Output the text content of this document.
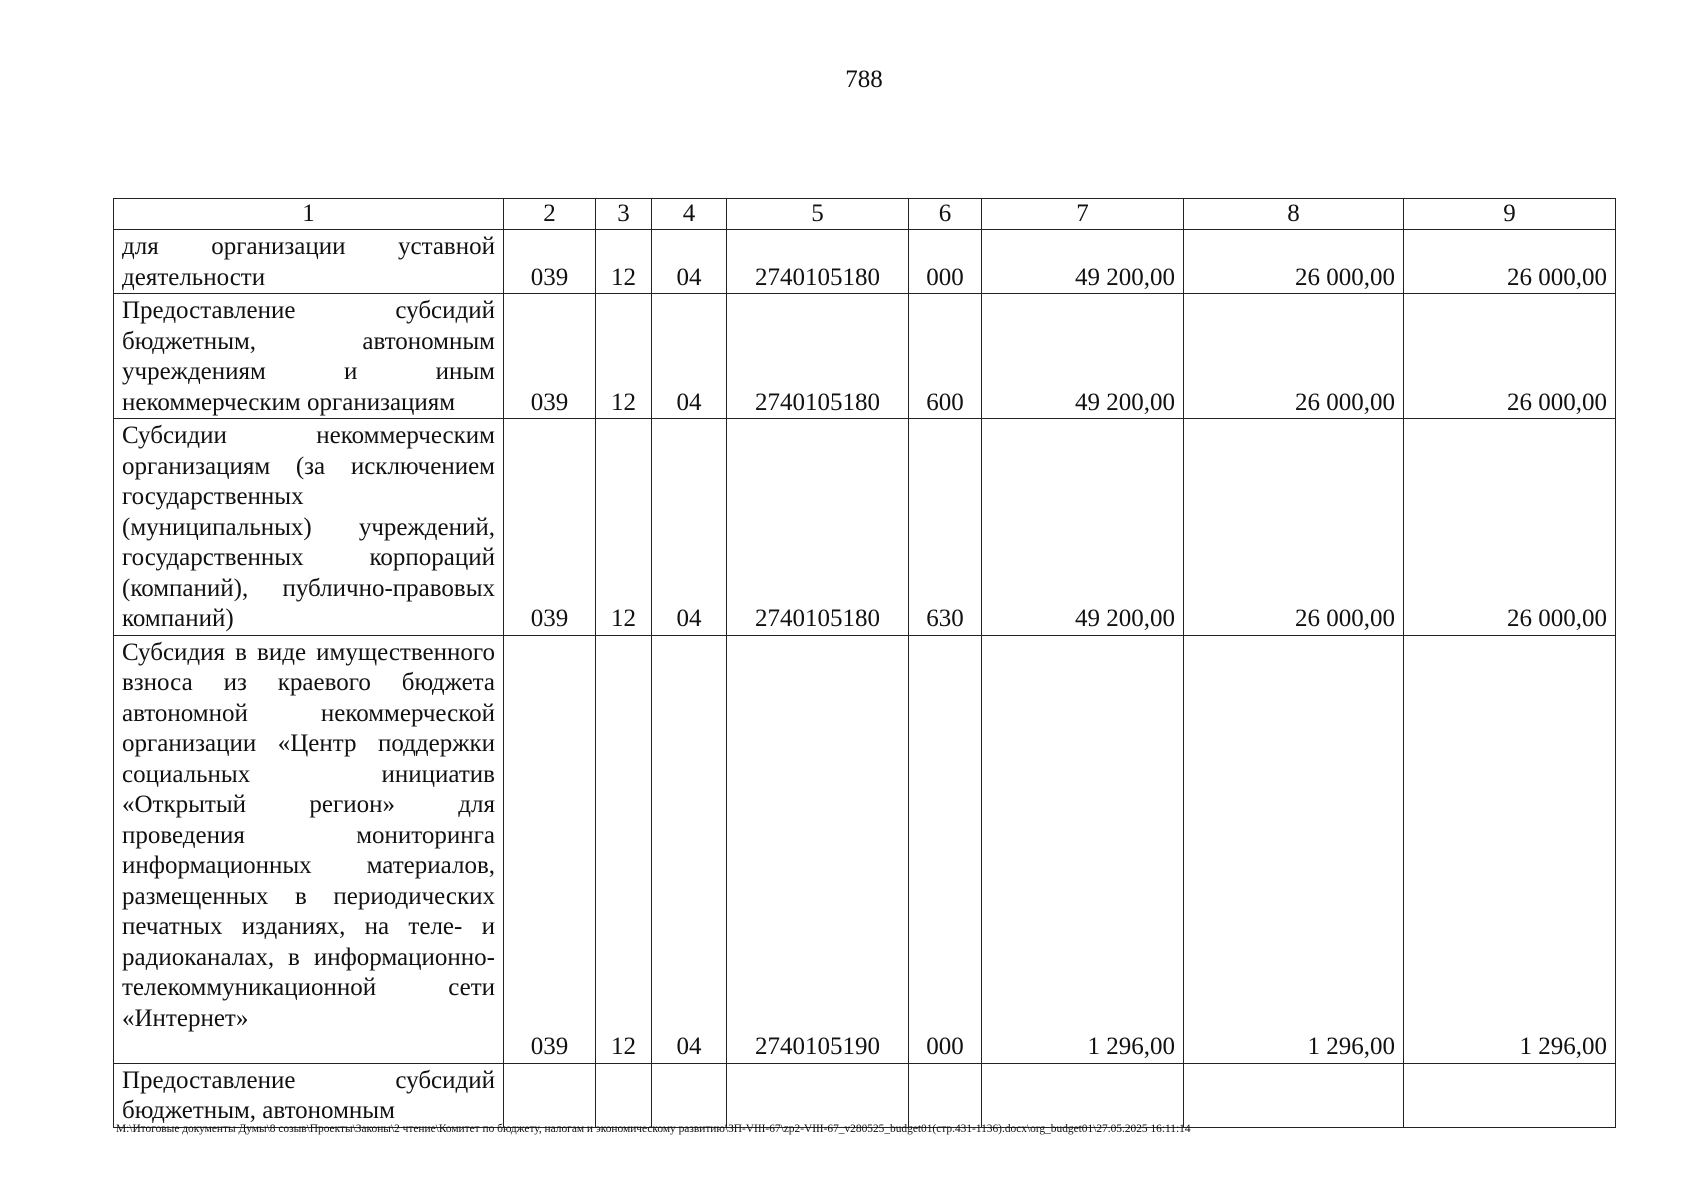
788
1	2	3	4	5	6	7	8	9

для организации уставной деятельности	039	12	04	2740105180	000	49 200,00	26 000,00	26 000,00

Предоставление субсидий бюджетным, автономным учреждениям и иным некоммерческим организациям	039	12	04	2740105180	600	49 200,00	26 000,00	26 000,00

Субсидии некоммерческим организациям (за исключением государственных (муниципальных) учреждений, государственных корпораций (компаний), публично-правовых компаний)	039	12	04	2740105180	630	49 200,00	26 000,00	26 000,00

Субсидия в виде имущественного взноса из краевого бюджета автономной некоммерческой организации «Центр поддержки социальных инициатив «Открытый регион» для проведения мониторинга информационных материалов, размещенных в периодических печатных изданиях, на теле- и радиоканалах, в информационно-телекоммуникационной сети «Интернет»	039	12	04	2740105190	000	1 296,00	1 296,00	1 296,00

Предоставление субсидий бюджетным, автономным								

M:\Итоговые документы Думы\8 созыв\Проекты\Законы\2 чтение\Комитет по бюджету, налогам и экономическому развитию\ЗП-VIII-67\zp2-VIII-67_v280525_budget01(стр.431-1136).docx\org_budget01\27.05.2025 16:11:14
